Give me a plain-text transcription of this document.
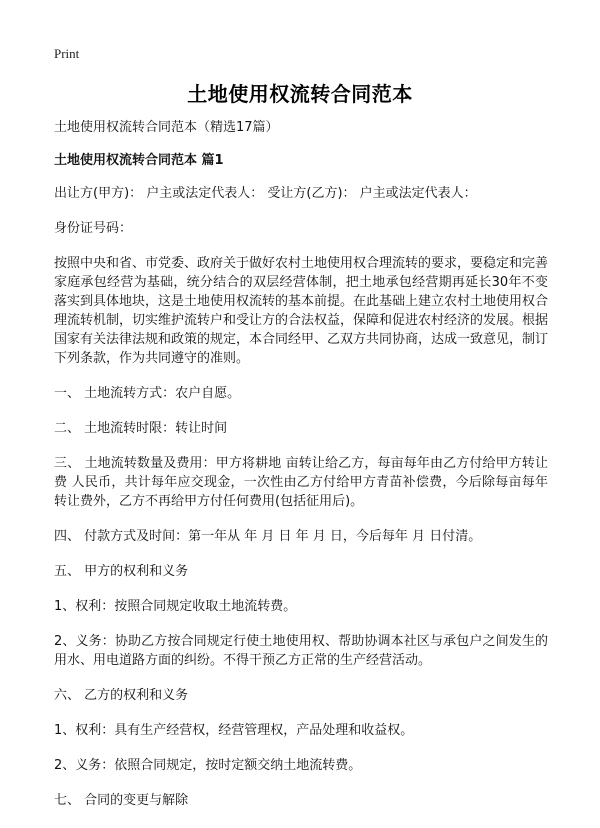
Print
土地使用权流转合同范本

土地使用权流转合同范本（精选17篇）

土地使用权流转合同范本 篇1

出让方(甲方)： 户主或法定代表人： 受让方(乙方)： 户主或法定代表人：

身份证号码：

按照中央和省、市党委、政府关于做好农村土地使用权合理流转的要求，要稳定和完善家庭承包经营为基础，统分结合的双层经营体制，把土地承包经营期再延长30年不变落实到具体地块，这是土地使用权流转的基本前提。在此基础上建立农村土地使用权合理流转机制，切实维护流转户和受让方的合法权益，保障和促进农村经济的发展。根据国家有关法律法规和政策的规定，本合同经甲、乙双方共同协商，达成一致意见，制订下列条款，作为共同遵守的准则。

一、 土地流转方式：农户自愿。

二、 土地流转时限：转让时间

三、 土地流转数量及费用：甲方将耕地 亩转让给乙方，每亩每年由乙方付给甲方转让费 人民币，共计每年应交现金，一次性由乙方付给甲方青苗补偿费，今后除每亩每年转让费外，乙方不再给甲方付任何费用(包括征用后)。

四、 付款方式及时间：第一年从 年 月 日 年 月 日，今后每年 月 日付清。

五、 甲方的权利和义务

1、权利：按照合同规定收取土地流转费。

2、义务：协助乙方按合同规定行使土地使用权、帮助协调本社区与承包户之间发生的用水、用电道路方面的纠纷。不得干预乙方正常的生产经营活动。

六、 乙方的权利和义务

1、权利：具有生产经营权，经营管理权，产品处理和收益权。

2、义务：依照合同规定，按时定额交纳土地流转费。

七、 合同的变更与解除
